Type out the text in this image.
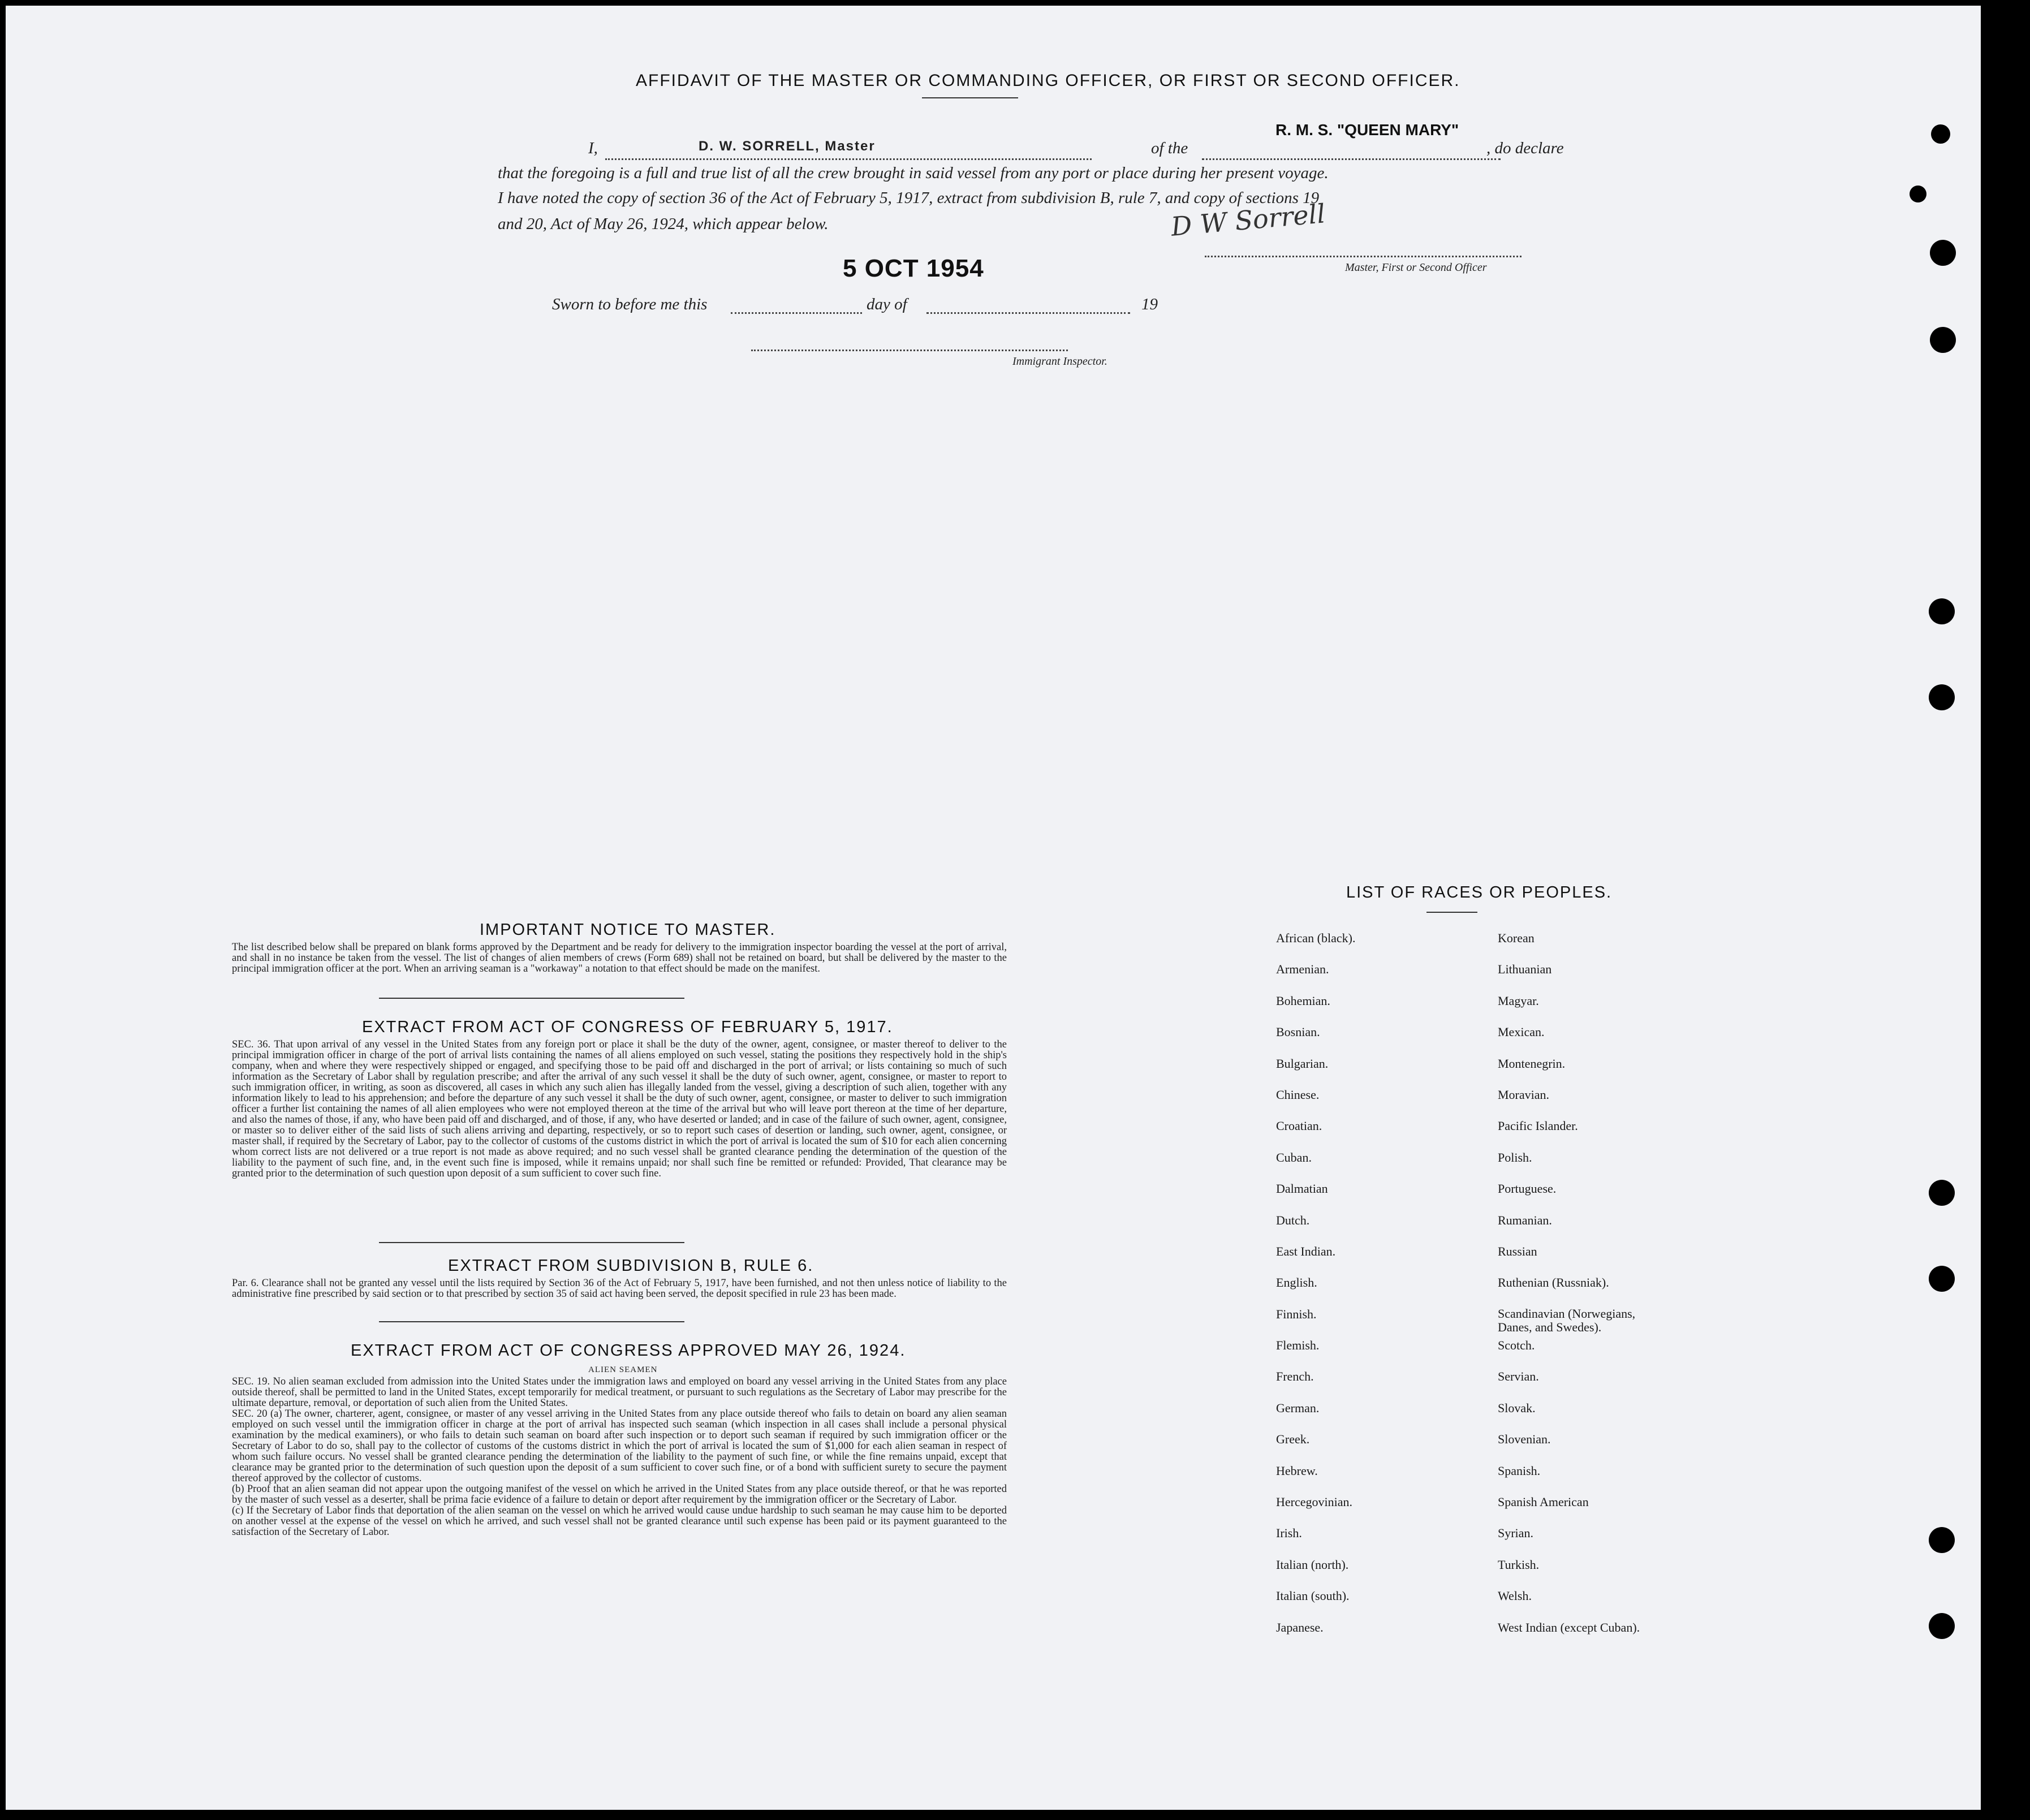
AFFIDAVIT OF THE MASTER OR COMMANDING OFFICER, OR FIRST OR SECOND OFFICER.
I,	D. W. SORRELL, Master	of the
R. M. S. "QUEEN MARY"
, do declare
that the foregoing is a full and true list of all the crew brought in said vessel from any port or place during her present voyage.
I have noted the copy of section 36 of the Act of February 5, 1917, extract from subdivision B, rule 7, and copy of sections 19
and 20, Act of May 26, 1924, which appear below.	D W Sorrell
Master, First or Second Officer
5 OCT 1954
Sworn to before me this	day of	19
Immigrant Inspector.
IMPORTANT NOTICE TO MASTER.
The list described below shall be prepared on blank forms approved by the Department and be ready for delivery to the immigration inspector boarding the vessel at the port of arrival, and shall in no instance be taken from the vessel. The list of changes of alien members of crews (Form 689) shall not be retained on board, but shall be delivered by the master to the principal immigration officer at the port. When an arriving seaman is a "workaway" a notation to that effect should be made on the manifest.
EXTRACT FROM ACT OF CONGRESS OF FEBRUARY 5, 1917.
SEC. 36. That upon arrival of any vessel in the United States from any foreign port or place it shall be the duty of the owner, agent, consignee, or master thereof to deliver to the principal immigration officer in charge of the port of arrival lists containing the names of all aliens employed on such vessel, stating the positions they respectively hold in the ship's company, when and where they were respectively shipped or engaged, and specifying those to be paid off and discharged in the port of arrival; or lists containing so much of such information as the Secretary of Labor shall by regulation prescribe; and after the arrival of any such vessel it shall be the duty of such owner, agent, consignee, or master to report to such immigration officer, in writing, as soon as discovered, all cases in which any such alien has illegally landed from the vessel, giving a description of such alien, together with any information likely to lead to his apprehension; and before the departure of any such vessel it shall be the duty of such owner, agent, consignee, or master to deliver to such immigration officer a further list containing the names of all alien employees who were not employed thereon at the time of the arrival but who will leave port thereon at the time of her departure, and also the names of those, if any, who have been paid off and discharged, and of those, if any, who have deserted or landed; and in case of the failure of such owner, agent, consignee, or master so to deliver either of the said lists of such aliens arriving and departing, respectively, or so to report such cases of desertion or landing, such owner, agent, consignee, or master shall, if required by the Secretary of Labor, pay to the collector of customs of the customs district in which the port of arrival is located the sum of $10 for each alien concerning whom correct lists are not delivered or a true report is not made as above required; and no such vessel shall be granted clearance pending the determination of the question of the liability to the payment of such fine, and, in the event such fine is imposed, while it remains unpaid; nor shall such fine be remitted or refunded: Provided, That clearance may be granted prior to the determination of such question upon deposit of a sum sufficient to cover such fine.
EXTRACT FROM SUBDIVISION B, RULE 6.
Par. 6. Clearance shall not be granted any vessel until the lists required by Section 36 of the Act of February 5, 1917, have been furnished, and not then unless notice of liability to the administrative fine prescribed by said section or to that prescribed by section 35 of said act having been served, the deposit specified in rule 23 has been made.
EXTRACT FROM ACT OF CONGRESS APPROVED MAY 26, 1924.
ALIEN SEAMEN

SEC. 19. No alien seaman excluded from admission into the United States under the immigration laws and employed on board any vessel arriving in the United States from any place outside thereof, shall be permitted to land in the United States, except temporarily for medical treatment, or pursuant to such regulations as the Secretary of Labor may prescribe for the ultimate departure, removal, or deportation of such alien from the United States.

SEC. 20 (a) The owner, charterer, agent, consignee, or master of any vessel arriving in the United States from any place outside thereof who fails to detain on board any alien seaman employed on such vessel until the immigration officer in charge at the port of arrival has inspected such seaman (which inspection in all cases shall include a personal physical examination by the medical examiners), or who fails to detain such seaman on board after such inspection or to deport such seaman if required by such immigration officer or the Secretary of Labor to do so, shall pay to the collector of customs of the customs district in which the port of arrival is located the sum of $1,000 for each alien seaman in respect of whom such failure occurs. No vessel shall be granted clearance pending the determination of the liability to the payment of such fine, or while the fine remains unpaid, except that clearance may be granted prior to the determination of such question upon the deposit of a sum sufficient to cover such fine, or of a bond with sufficient surety to secure the payment thereof approved by the collector of customs.

(b) Proof that an alien seaman did not appear upon the outgoing manifest of the vessel on which he arrived in the United States from any place outside thereof, or that he was reported by the master of such vessel as a deserter, shall be prima facie evidence of a failure to detain or deport after requirement by the immigration officer or the Secretary of Labor.

(c) If the Secretary of Labor finds that deportation of the alien seaman on the vessel on which he arrived would cause undue hardship to such seaman he may cause him to be deported on another vessel at the expense of the vessel on which he arrived, and such vessel shall not be granted clearance until such expense has been paid or its payment guaranteed to the satisfaction of the Secretary of Labor.

LIST OF RACES OR PEOPLES.
African (black).	Korean
Armenian.	Lithuanian
Bohemian.	Magyar.
Bosnian.	Mexican.
Bulgarian.	Montenegrin.
Chinese.	Moravian.
Croatian.	Pacific Islander.
Cuban.	Polish.
Dalmatian	Portuguese.
Dutch.	Rumanian.
East Indian.	Russian
English.	Ruthenian (Russniak).
Finnish.	Scandinavian (Norwegians, Danes, and Swedes).
Flemish.	Scotch.
French.	Servian.
German.	Slovak.
Greek.	Slovenian.
Hebrew.	Spanish.
Hercegovinian.	Spanish American
Irish.	Syrian.
Italian (north).	Turkish.
Italian (south).	Welsh.
Japanese.	West Indian (except Cuban).
